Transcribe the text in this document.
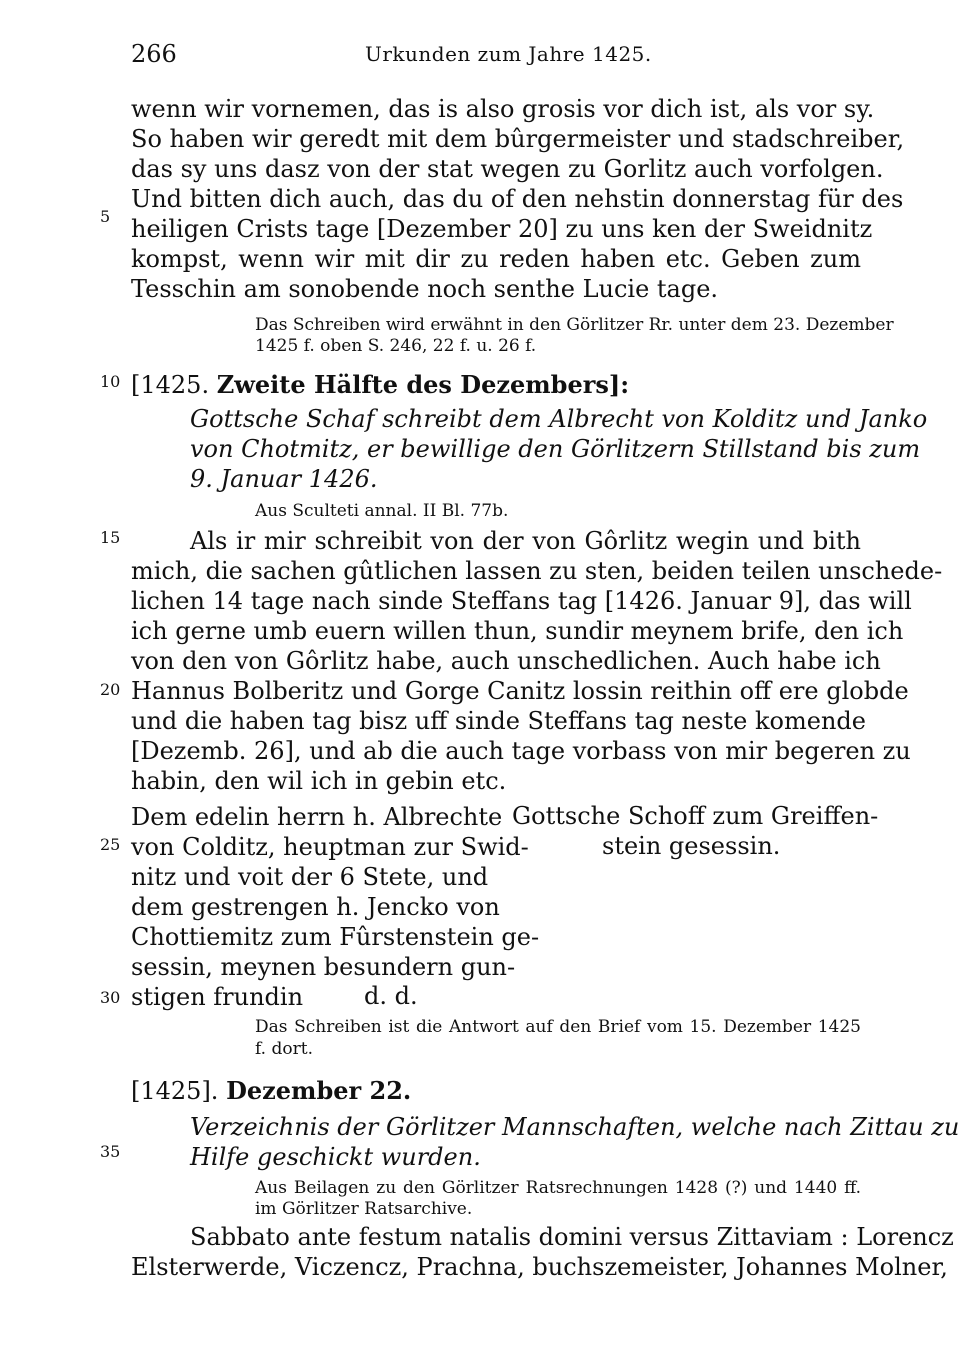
266	Urkunden zum Jahre 1425.
5
10
15
20
25
30
35
wenn wir vornemen, das is also grosis vor dich ist, als vor sy.
So haben wir geredt mit dem bûrgermeister und stadschreiber,
das sy uns dasz von der stat wegen zu Gorlitz auch vorfolgen.
Und bitten dich auch, das du of den nehstin donnerstag für des
heiligen Crists tage [Dezember 20] zu uns ken der Sweidnitz
kompst, wenn wir mit dir zu reden haben etc. Geben zum
Tesschin am sonobende noch senthe Lucie tage.
Das Schreiben wird erwähnt in den Görlitzer Rr. unter dem 23. Dezember
1425 f. oben S. 246, 22 f. u. 26 f.
[1425. Zweite Hälfte des Dezembers]:
Gottsche Schaf schreibt dem Albrecht von Kolditz und Janko
von Chotmitz, er bewillige den Görlitzern Stillstand bis zum
9. Januar 1426.
Aus Sculteti annal. II Bl. 77b.
Als ir mir schreibit von der von Gôrlitz wegin und bith
mich, die sachen gûtlichen lassen zu sten, beiden teilen unschede-
lichen 14 tage nach sinde Steffans tag [1426. Januar 9], das will
ich gerne umb euern willen thun, sundir meynem brife, den ich
von den von Gôrlitz habe, auch unschedlichen. Auch habe ich
Hannus Bolberitz und Gorge Canitz lossin reithin off ere globde
und die haben tag bisz uff sinde Steffans tag neste komende
[Dezemb. 26], und ab die auch tage vorbass von mir begeren zu
habin, den wil ich in gebin etc.
Dem edelin herrn h. Albrechte
von Colditz, heuptman zur Swid-
nitz und voit der 6 Stete, und
dem gestrengen h. Jencko von
Chottiemitz zum Fûrstenstein ge-
sessin, meynen besundern gun-
stigen frundin	d. d.
Gottsche Schoff zum Greiffen-
stein gesessin.
Das Schreiben ist die Antwort auf den Brief vom 15. Dezember 1425
f. dort.
[1425]. Dezember 22.
Verzeichnis der Görlitzer Mannschaften, welche nach Zittau zu
Hilfe geschickt wurden.
Aus Beilagen zu den Görlitzer Ratsrechnungen 1428 (?) und 1440 ff.
im Görlitzer Ratsarchive.
Sabbato ante festum natalis domini versus Zittaviam : Lorencz
Elsterwerde, Viczencz, Prachna, buchszemeister, Johannes Molner,
